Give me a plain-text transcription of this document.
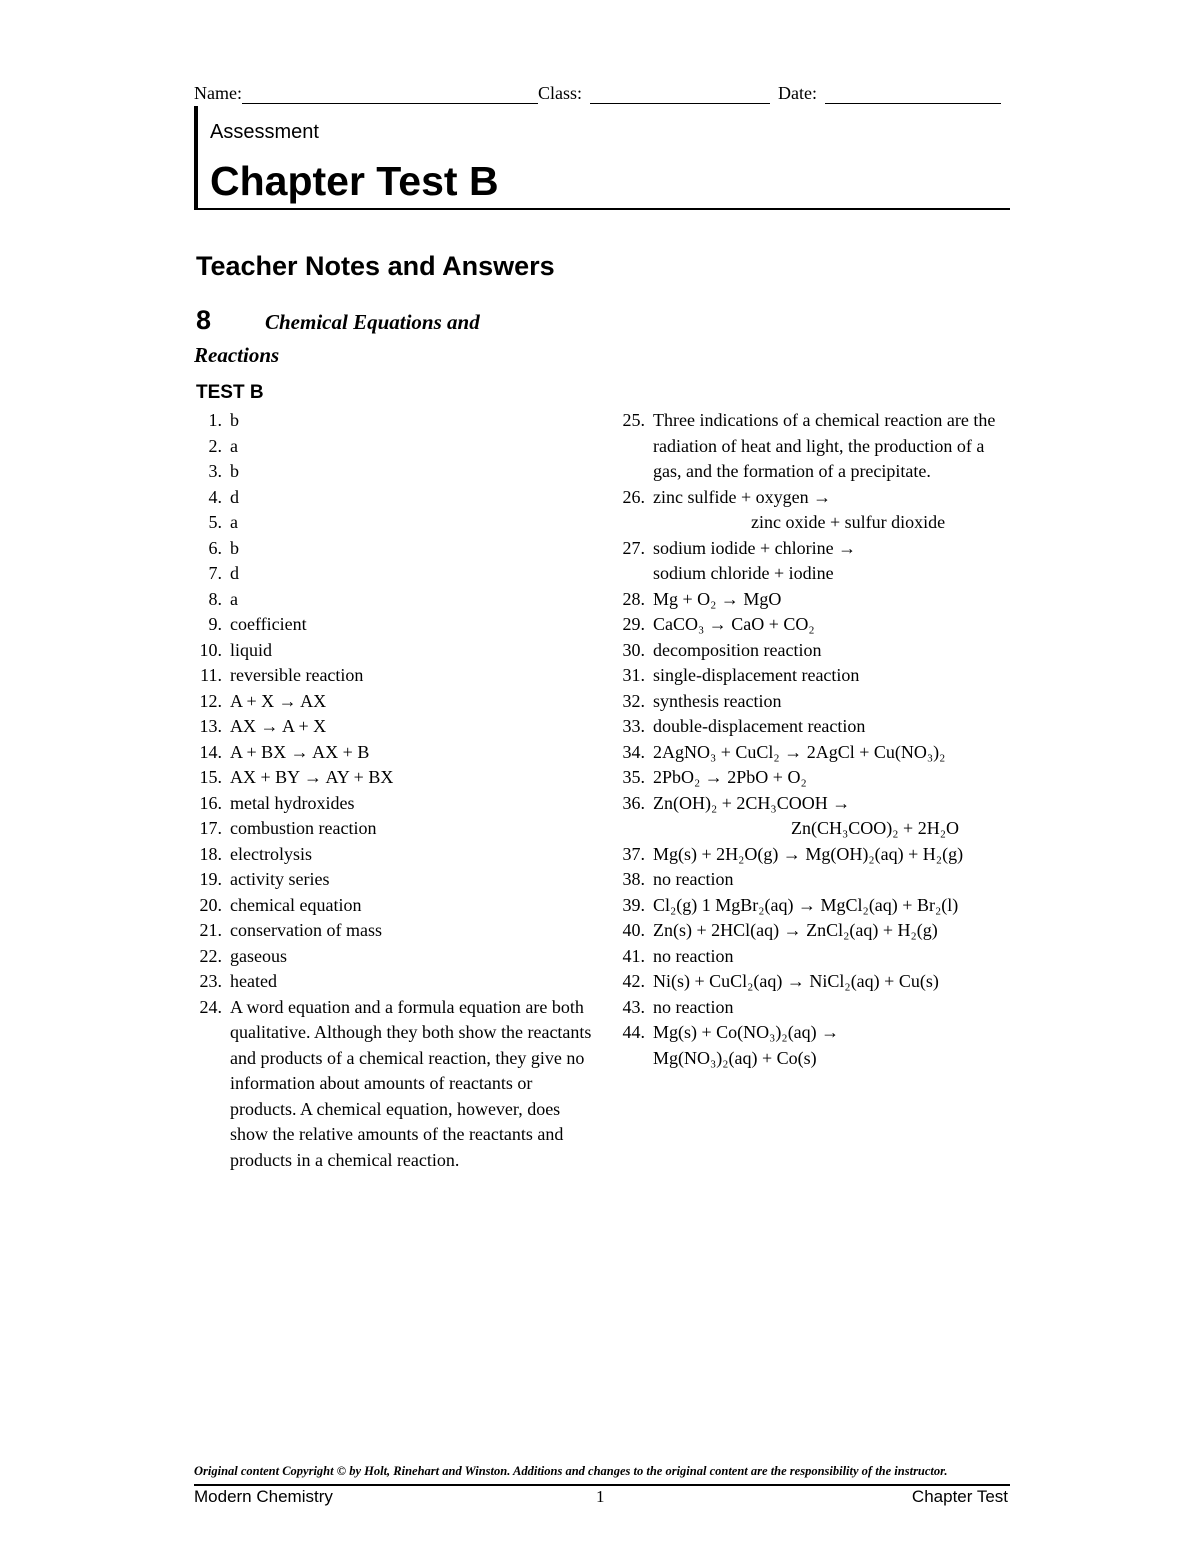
Name:	Class:	Date:
Assessment
Chapter Test B
Teacher Notes and Answers
8	Chemical Equations and
Reactions
TEST B
1. b
2. a
3. b
4. d
5. a
6. b
7. d
8. a
9. coefficient
10. liquid
11. reversible reaction
12. A + X → AX
13. AX → A + X
14. A + BX → AX + B
15. AX + BY → AY + BX
16. metal hydroxides
17. combustion reaction
18. electrolysis
19. activity series
20. chemical equation
21. conservation of mass
22. gaseous
23. heated
24. A word equation and a formula equation are both qualitative. Although they both show the reactants and products of a chemical reaction, they give no information about amounts of reactants or products. A chemical equation, however, does show the relative amounts of the reactants and products in a chemical reaction.
25. Three indications of a chemical reaction are the radiation of heat and light, the production of a gas, and the formation of a precipitate.
26. zinc sulfide + oxygen →
zinc oxide + sulfur dioxide
27. sodium iodide + chlorine →
sodium chloride + iodine
28. Mg + O₂ → MgO
29. CaCO₃ → CaO + CO₂
30. decomposition reaction
31. single-displacement reaction
32. synthesis reaction
33. double-displacement reaction
34. 2AgNO₃ + CuCl₂ → 2AgCl + Cu(NO₃)₂
35. 2PbO₂ → 2PbO + O₂
36. Zn(OH)₂ + 2CH₃COOH →
Zn(CH₃COO)₂ + 2H₂O
37. Mg(s) + 2H₂O(g) → Mg(OH)₂(aq) + H₂(g)
38. no reaction
39. Cl₂(g) 1 MgBr₂(aq) → MgCl₂(aq) + Br₂(l)
40. Zn(s) + 2HCl(aq) → ZnCl₂(aq) + H₂(g)
41. no reaction
42. Ni(s) + CuCl₂(aq) → NiCl₂(aq) + Cu(s)
43. no reaction
44. Mg(s) + Co(NO₃)₂(aq) →
Mg(NO₃)₂(aq) + Co(s)
Original content Copyright © by Holt, Rinehart and Winston. Additions and changes to the original content are the responsibility of the instructor.
Modern Chemistry	1	Chapter Test
